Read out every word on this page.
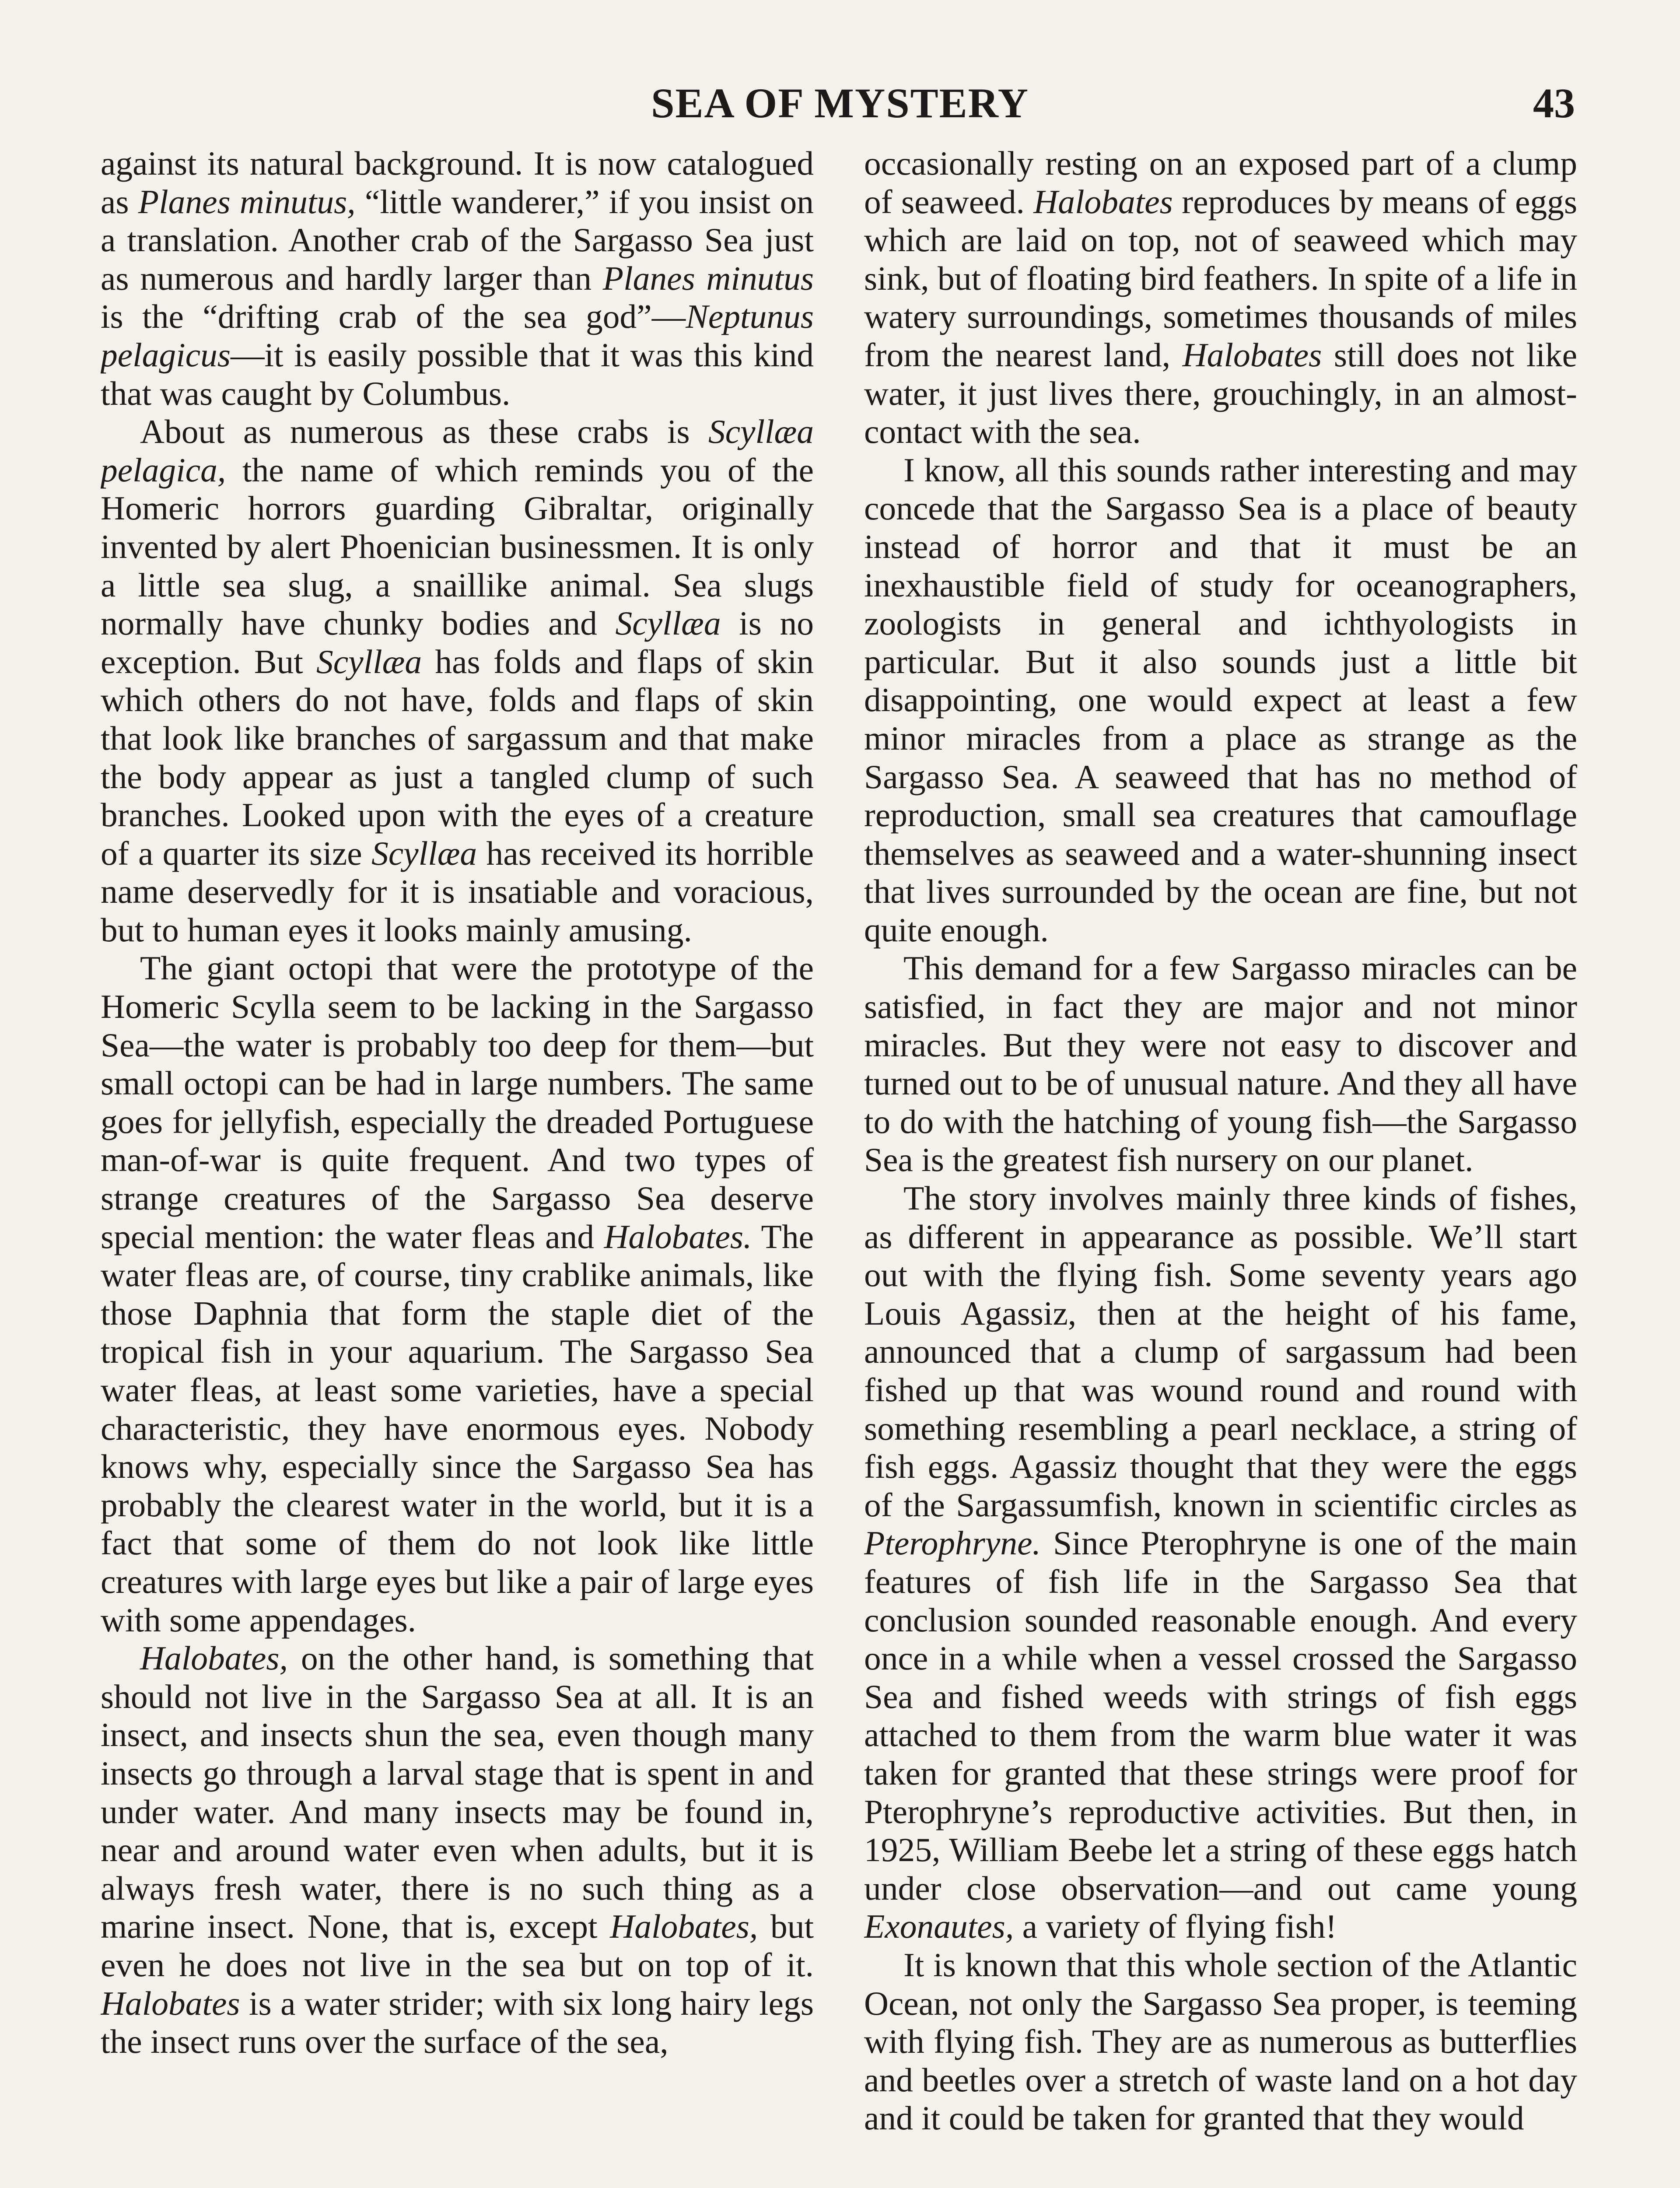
SEA OF MYSTERY	43

against its natural background. It is now catalogued as Planes minutus, “little wanderer,” if you insist on a translation. Another crab of the Sargasso Sea just as numerous and hardly larger than Planes minutus is the “drifting crab of the sea god”—Neptunus pelagicus—it is easily possible that it was this kind that was caught by Columbus.

About as numerous as these crabs is Scyllæa pelagica, the name of which reminds you of the Homeric horrors guarding Gibraltar, originally invented by alert Phoenician businessmen. It is only a little sea slug, a snaillike animal. Sea slugs normally have chunky bodies and Scyllæa is no exception. But Scyllæa has folds and flaps of skin which others do not have, folds and flaps of skin that look like branches of sargassum and that make the body appear as just a tangled clump of such branches. Looked upon with the eyes of a creature of a quarter its size Scyllæa has received its horrible name deservedly for it is insatiable and voracious, but to human eyes it looks mainly amusing.

The giant octopi that were the prototype of the Homeric Scylla seem to be lacking in the Sargasso Sea—the water is probably too deep for them—but small octopi can be had in large numbers. The same goes for jellyfish, especially the dreaded Portuguese man-of-war is quite frequent. And two types of strange creatures of the Sargasso Sea deserve special mention: the water fleas and Halobates. The water fleas are, of course, tiny crablike animals, like those Daphnia that form the staple diet of the tropical fish in your aquarium. The Sargasso Sea water fleas, at least some varieties, have a special characteristic, they have enormous eyes. Nobody knows why, especially since the Sargasso Sea has probably the clearest water in the world, but it is a fact that some of them do not look like little creatures with large eyes but like a pair of large eyes with some appendages.

Halobates, on the other hand, is something that should not live in the Sargasso Sea at all. It is an insect, and insects shun the sea, even though many insects go through a larval stage that is spent in and under water. And many insects may be found in, near and around water even when adults, but it is always fresh water, there is no such thing as a marine insect. None, that is, except Halobates, but even he does not live in the sea but on top of it. Halobates is a water strider; with six long hairy legs the insect runs over the surface of the sea,

occasionally resting on an exposed part of a clump of seaweed. Halobates reproduces by means of eggs which are laid on top, not of seaweed which may sink, but of floating bird feathers. In spite of a life in watery surroundings, sometimes thousands of miles from the nearest land, Halobates still does not like water, it just lives there, grouchingly, in an almost-contact with the sea.

I know, all this sounds rather interesting and may concede that the Sargasso Sea is a place of beauty instead of horror and that it must be an inexhaustible field of study for oceanographers, zoologists in general and ichthyologists in particular. But it also sounds just a little bit disappointing, one would expect at least a few minor miracles from a place as strange as the Sargasso Sea. A seaweed that has no method of reproduction, small sea creatures that camouflage themselves as seaweed and a water-shunning insect that lives surrounded by the ocean are fine, but not quite enough.

This demand for a few Sargasso miracles can be satisfied, in fact they are major and not minor miracles. But they were not easy to discover and turned out to be of unusual nature. And they all have to do with the hatching of young fish—the Sargasso Sea is the greatest fish nursery on our planet.

The story involves mainly three kinds of fishes, as different in appearance as possible. We’ll start out with the flying fish. Some seventy years ago Louis Agassiz, then at the height of his fame, announced that a clump of sargassum had been fished up that was wound round and round with something resembling a pearl necklace, a string of fish eggs. Agassiz thought that they were the eggs of the Sargassumfish, known in scientific circles as Pterophryne. Since Pterophryne is one of the main features of fish life in the Sargasso Sea that conclusion sounded reasonable enough. And every once in a while when a vessel crossed the Sargasso Sea and fished weeds with strings of fish eggs attached to them from the warm blue water it was taken for granted that these strings were proof for Pterophryne’s reproductive activities. But then, in 1925, William Beebe let a string of these eggs hatch under close observation—and out came young Exonautes, a variety of flying fish!

It is known that this whole section of the Atlantic Ocean, not only the Sargasso Sea proper, is teeming with flying fish. They are as numerous as butterflies and beetles over a stretch of waste land on a hot day and it could be taken for granted that they would
